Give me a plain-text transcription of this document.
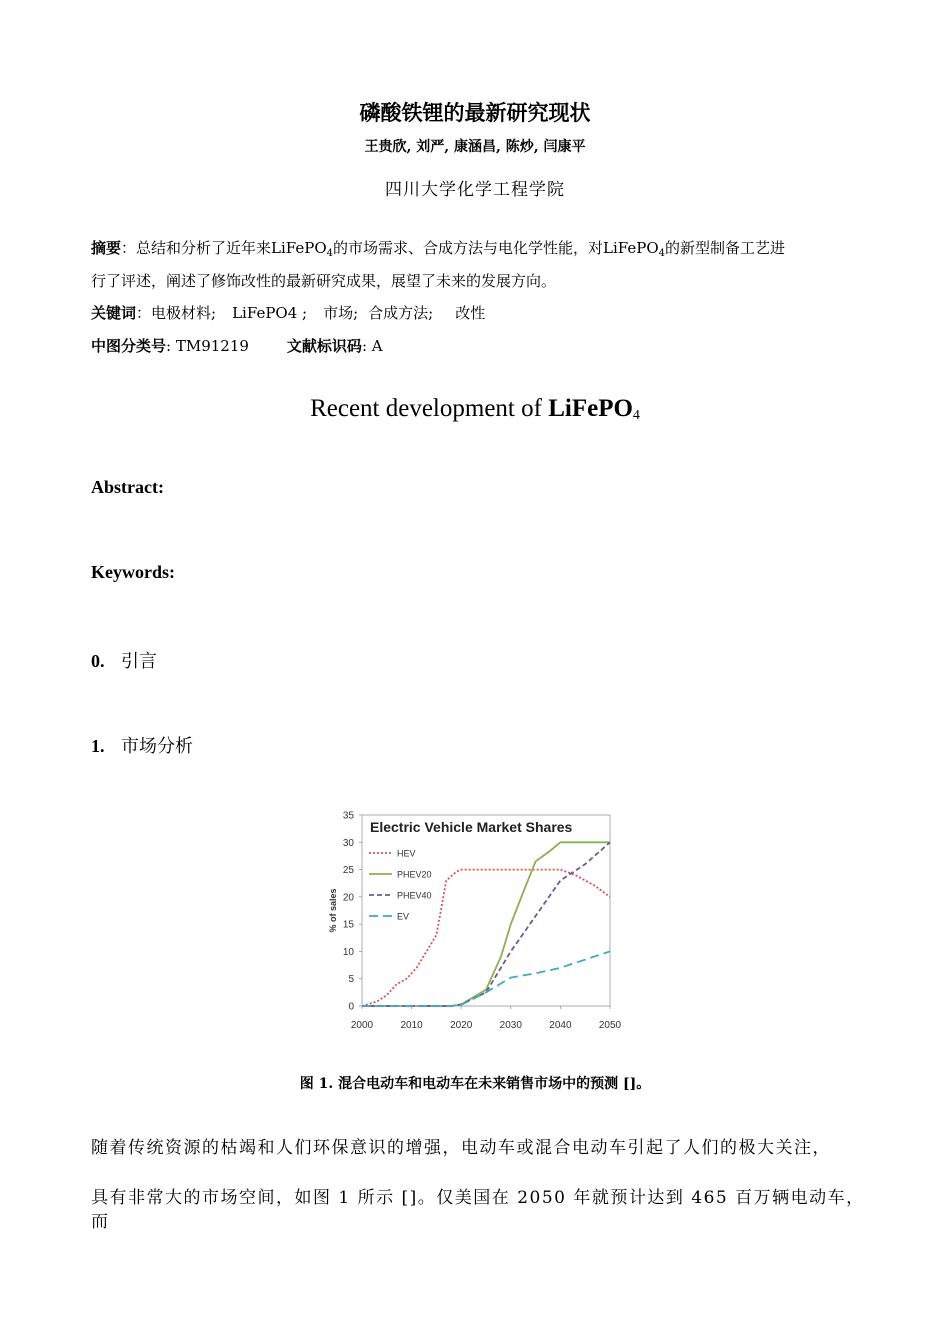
磷酸铁锂的最新研究现状
王贵欣, 刘严, 康涵昌, 陈炒, 闫康平
四川大学化学工程学院
摘要：总结和分析了近年来LiFePO$_4$的市场需求、合成方法与电化学性能，对LiFePO$_4$的新型制备工艺进
行了评述，阐述了修饰改性的最新研究成果，展望了未来的发展方向。
关键词：电极材料; LiFePO4 ; 市场; 合成方法; 改性
中图分类号: TM91219	文献标识码: A
Recent development of LiFePO$_4$
Abstract:
Keywords:
0. 引言
1. 市场分析
0
5
10
15
20
25
30
35
2000	2010	2020	2030	2040	2050
% of sales
Electric Vehicle Market Shares
HEV
PHEV20
PHEV40
EV
图 1. 混合电动车和电动车在未来销售市场中的预测 []。
随着传统资源的枯竭和人们环保意识的增强，电动车或混合电动车引起了人们的极大关注，
具有非常大的市场空间，如图 1 所示 []。仅美国在 2050 年就预计达到 465 百万辆电动车，而
